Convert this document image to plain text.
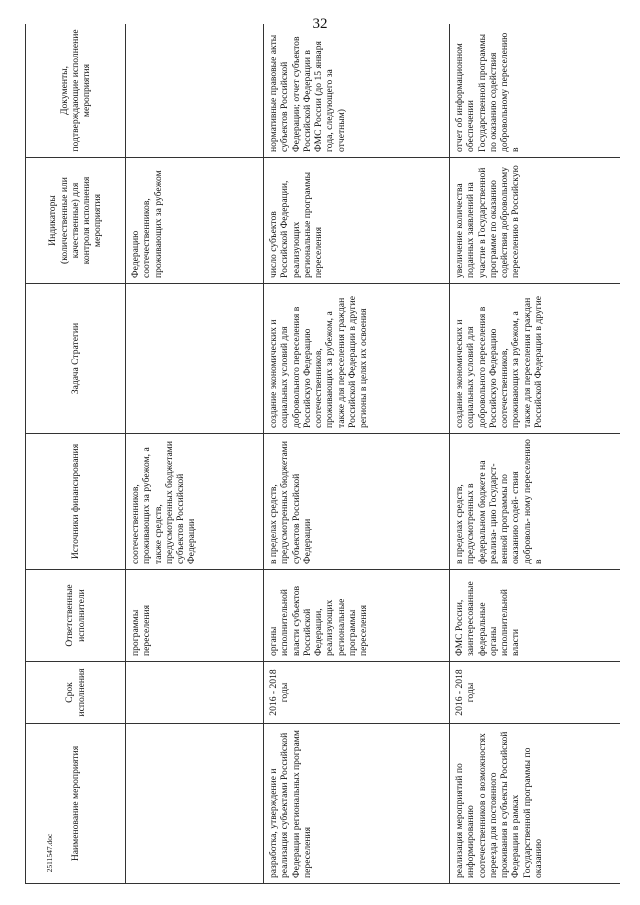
32
2511547.doc	Наименование мероприятия	Срок исполнения	Ответственные исполнители	Источники финансирования	Задача Стратегии	Индикаторы (количественные или качественные) для контроля исполнения мероприятия	Документы, подтверждающие исполнение мероприятия
		программы переселения	соотечественников, проживающих за рубежом, а также средств, предусмотренных бюджетами субъектов Российской Федерации		Федерацию соотечественников, проживающих за рубежом	
разработка, утверждение и реализация субъектами Российской Федерации региональных программ переселения	2016 - 2018 годы	органы исполнительной власти субъектов Российской Федерации, реализующих региональные программы переселения	в пределах средств, предусмотренных бюджетами субъектов Российской Федерации	создание экономических и социальных условий для добровольного переселения в Российскую Федерацию соотечественников, проживающих за рубежом, а также для переселения граждан Российской Федерации в другие регионы в целях их освоения	число субъектов Российской Федерации, реализующих региональные программы переселения	нормативные правовые акты субъектов Российской Федерации; отчет субъектов Российской Федерации в ФМС России (до 15 января года, следующего за отчетным)
реализация мероприятий по информированию соотечественников о возможностях переезда для постоянного проживания в субъекты Российской Федерации в рамках Государственной программы по оказанию	2016 - 2018 годы	ФМС России, заинтересованные федеральные органы исполнительной власти	в пределах средств, предусмотренных в федеральном бюджете на реализа- цию Государст- венной программы по оказанию содей- ствия доброволь- ному переселению в	создание экономических и социальных условий для добровольного переселения в Российскую Федерацию соотечественников, проживающих за рубежом, а также для переселения граждан Российской Федерации в другие	увеличение количества поданных заявлений на участие в Государственной программе по оказанию содействия добровольному переселению в Российскую	отчет об информационном обеспечении Государственной программы по оказанию содействия добровольному переселению в
